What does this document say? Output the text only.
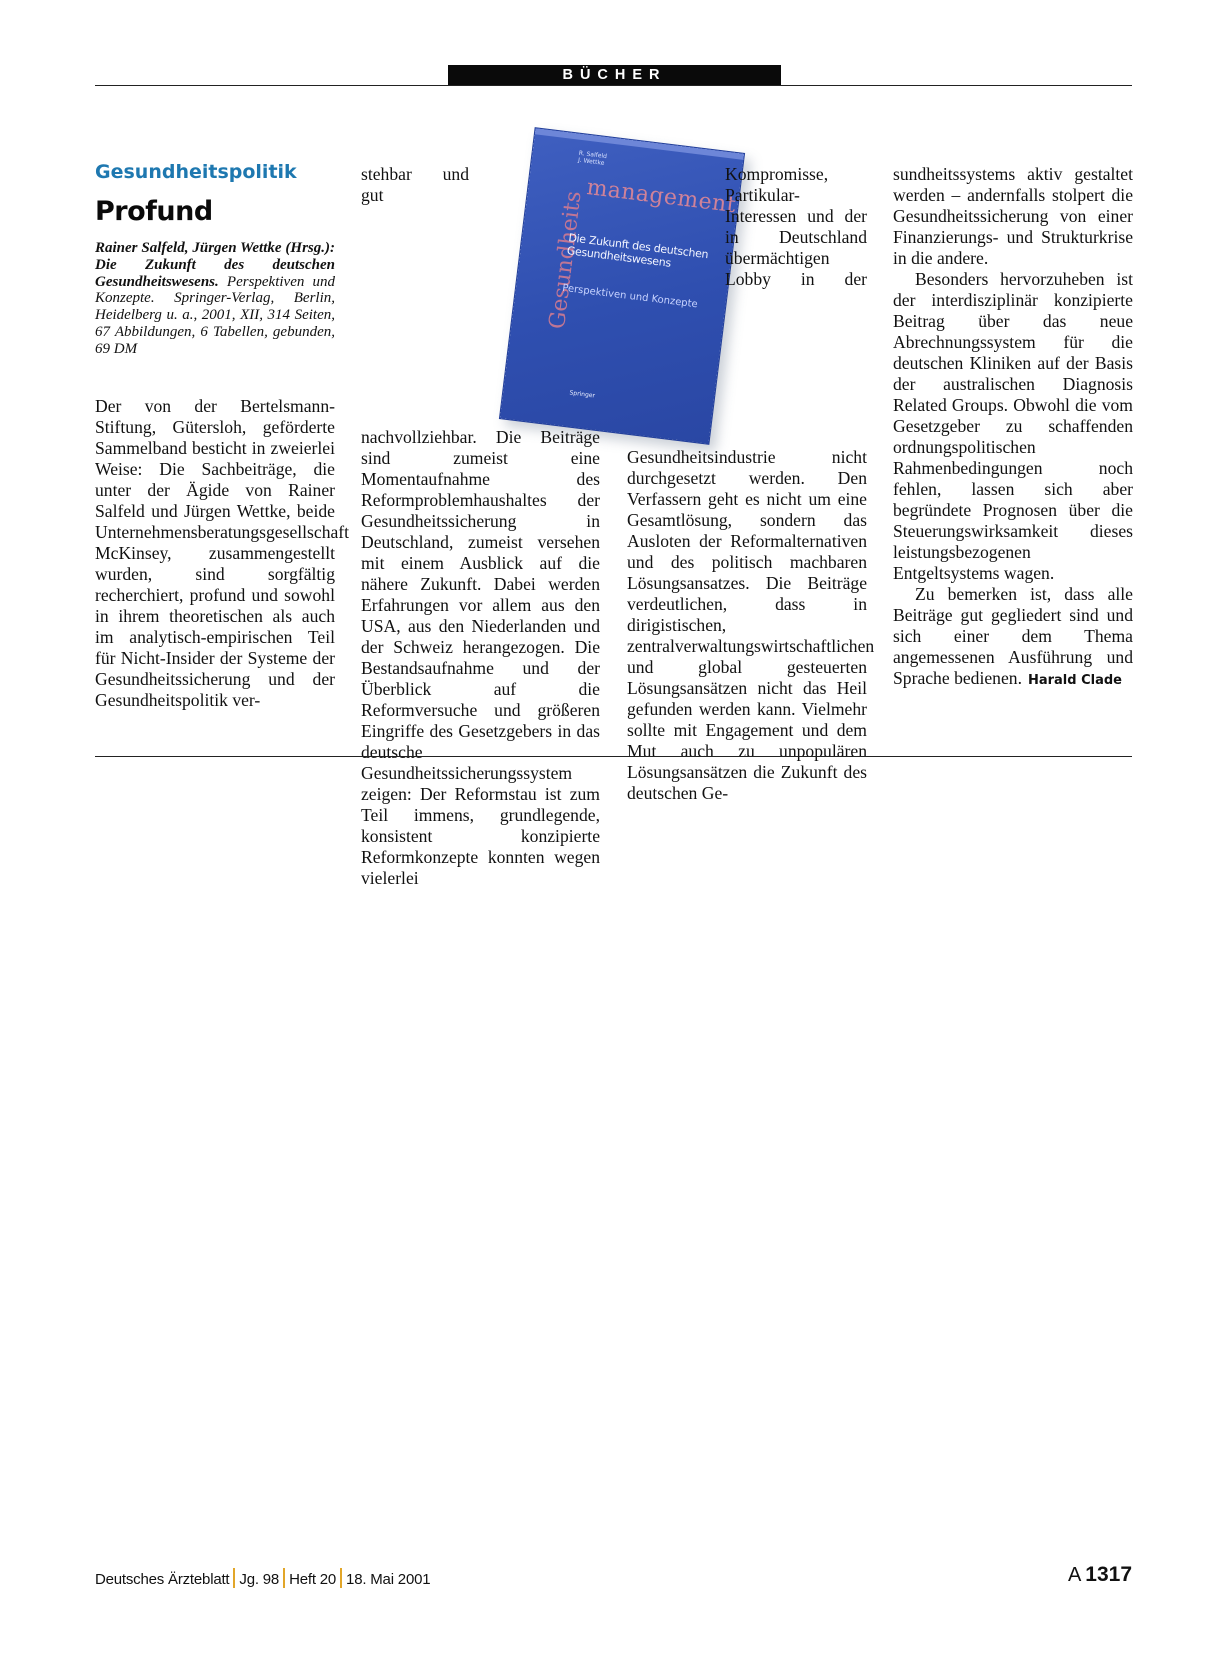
BÜCHER
Gesundheitspolitik
Profund

Rainer Salfeld, Jürgen Wettke (Hrsg.): Die Zukunft des deutschen Gesundheitswesens. Perspektiven und Konzepte. Springer-Verlag, Berlin, Heidelberg u. a., 2001, XII, 314 Seiten, 67 Abbildungen, 6 Tabellen, gebunden, 69 DM

R. Salfeld
J. Wettke
management
Gesundheits
Die Zukunft des deutschen Gesundheitswesens
Perspektiven und Konzepte
Springer

Der von der Bertelsmann-Stiftung, Gütersloh, geförderte Sammelband besticht in zweierlei Weise: Die Sachbeiträge, die unter der Ägide von Rainer Salfeld und Jürgen Wettke, beide Unternehmensberatungsgesellschaft McKinsey, zusammengestellt wurden, sind sorgfältig recherchiert, profund und sowohl in ihrem theoretischen als auch im analytisch-empirischen Teil für Nicht-Insider der Systeme der Gesundheitssicherung und der Gesundheitspolitik ver-

stehbar und gut nachvollziehbar. Die Beiträge sind zumeist eine Momentaufnahme des Reformproblemhaushaltes der Gesundheitssicherung in Deutschland, zumeist versehen mit einem Ausblick auf die nähere Zukunft. Dabei werden Erfahrungen vor allem aus den USA, aus den Niederlanden und der Schweiz herangezogen. Die Bestandsaufnahme und der Überblick auf die Reformversuche und größeren Eingriffe des Gesetzgebers in das deutsche Gesundheitssicherungssystem zeigen: Der Reformstau ist zum Teil immens, grundlegende, konsistent konzipierte Reformkonzepte konnten wegen vielerlei

Kompromisse, Partikular-Interessen und der in Deutschland übermächtigen Lobby in der Gesundheitsindustrie nicht durchgesetzt werden. Den Verfassern geht es nicht um eine Gesamtlösung, sondern das Ausloten der Reformalternativen und des politisch machbaren Lösungsansatzes. Die Beiträge verdeutlichen, dass in dirigistischen, zentralverwaltungswirtschaftlichen und global gesteuerten Lösungsansätzen nicht das Heil gefunden werden kann. Vielmehr sollte mit Engagement und dem Mut auch zu unpopulären Lösungsansätzen die Zukunft des deutschen Ge-

sundheitssystems aktiv gestaltet werden – andernfalls stolpert die Gesundheitssicherung von einer Finanzierungs- und Strukturkrise in die andere.

Besonders hervorzuheben ist der interdisziplinär konzipierte Beitrag über das neue Abrechnungssystem für die deutschen Kliniken auf der Basis der australischen Diagnosis Related Groups. Obwohl die vom Gesetzgeber zu schaffenden ordnungspolitischen Rahmenbedingungen noch fehlen, lassen sich aber begründete Prognosen über die Steuerungswirksamkeit dieses leistungsbezogenen Entgeltsystems wagen.

Zu bemerken ist, dass alle Beiträge gut gegliedert sind und sich einer dem Thema angemessenen Ausführung und Sprache bedienen. Harald Clade

Deutsches Ärzteblatt Jg. 98 Heft 20 18. Mai 2001	A 1317
